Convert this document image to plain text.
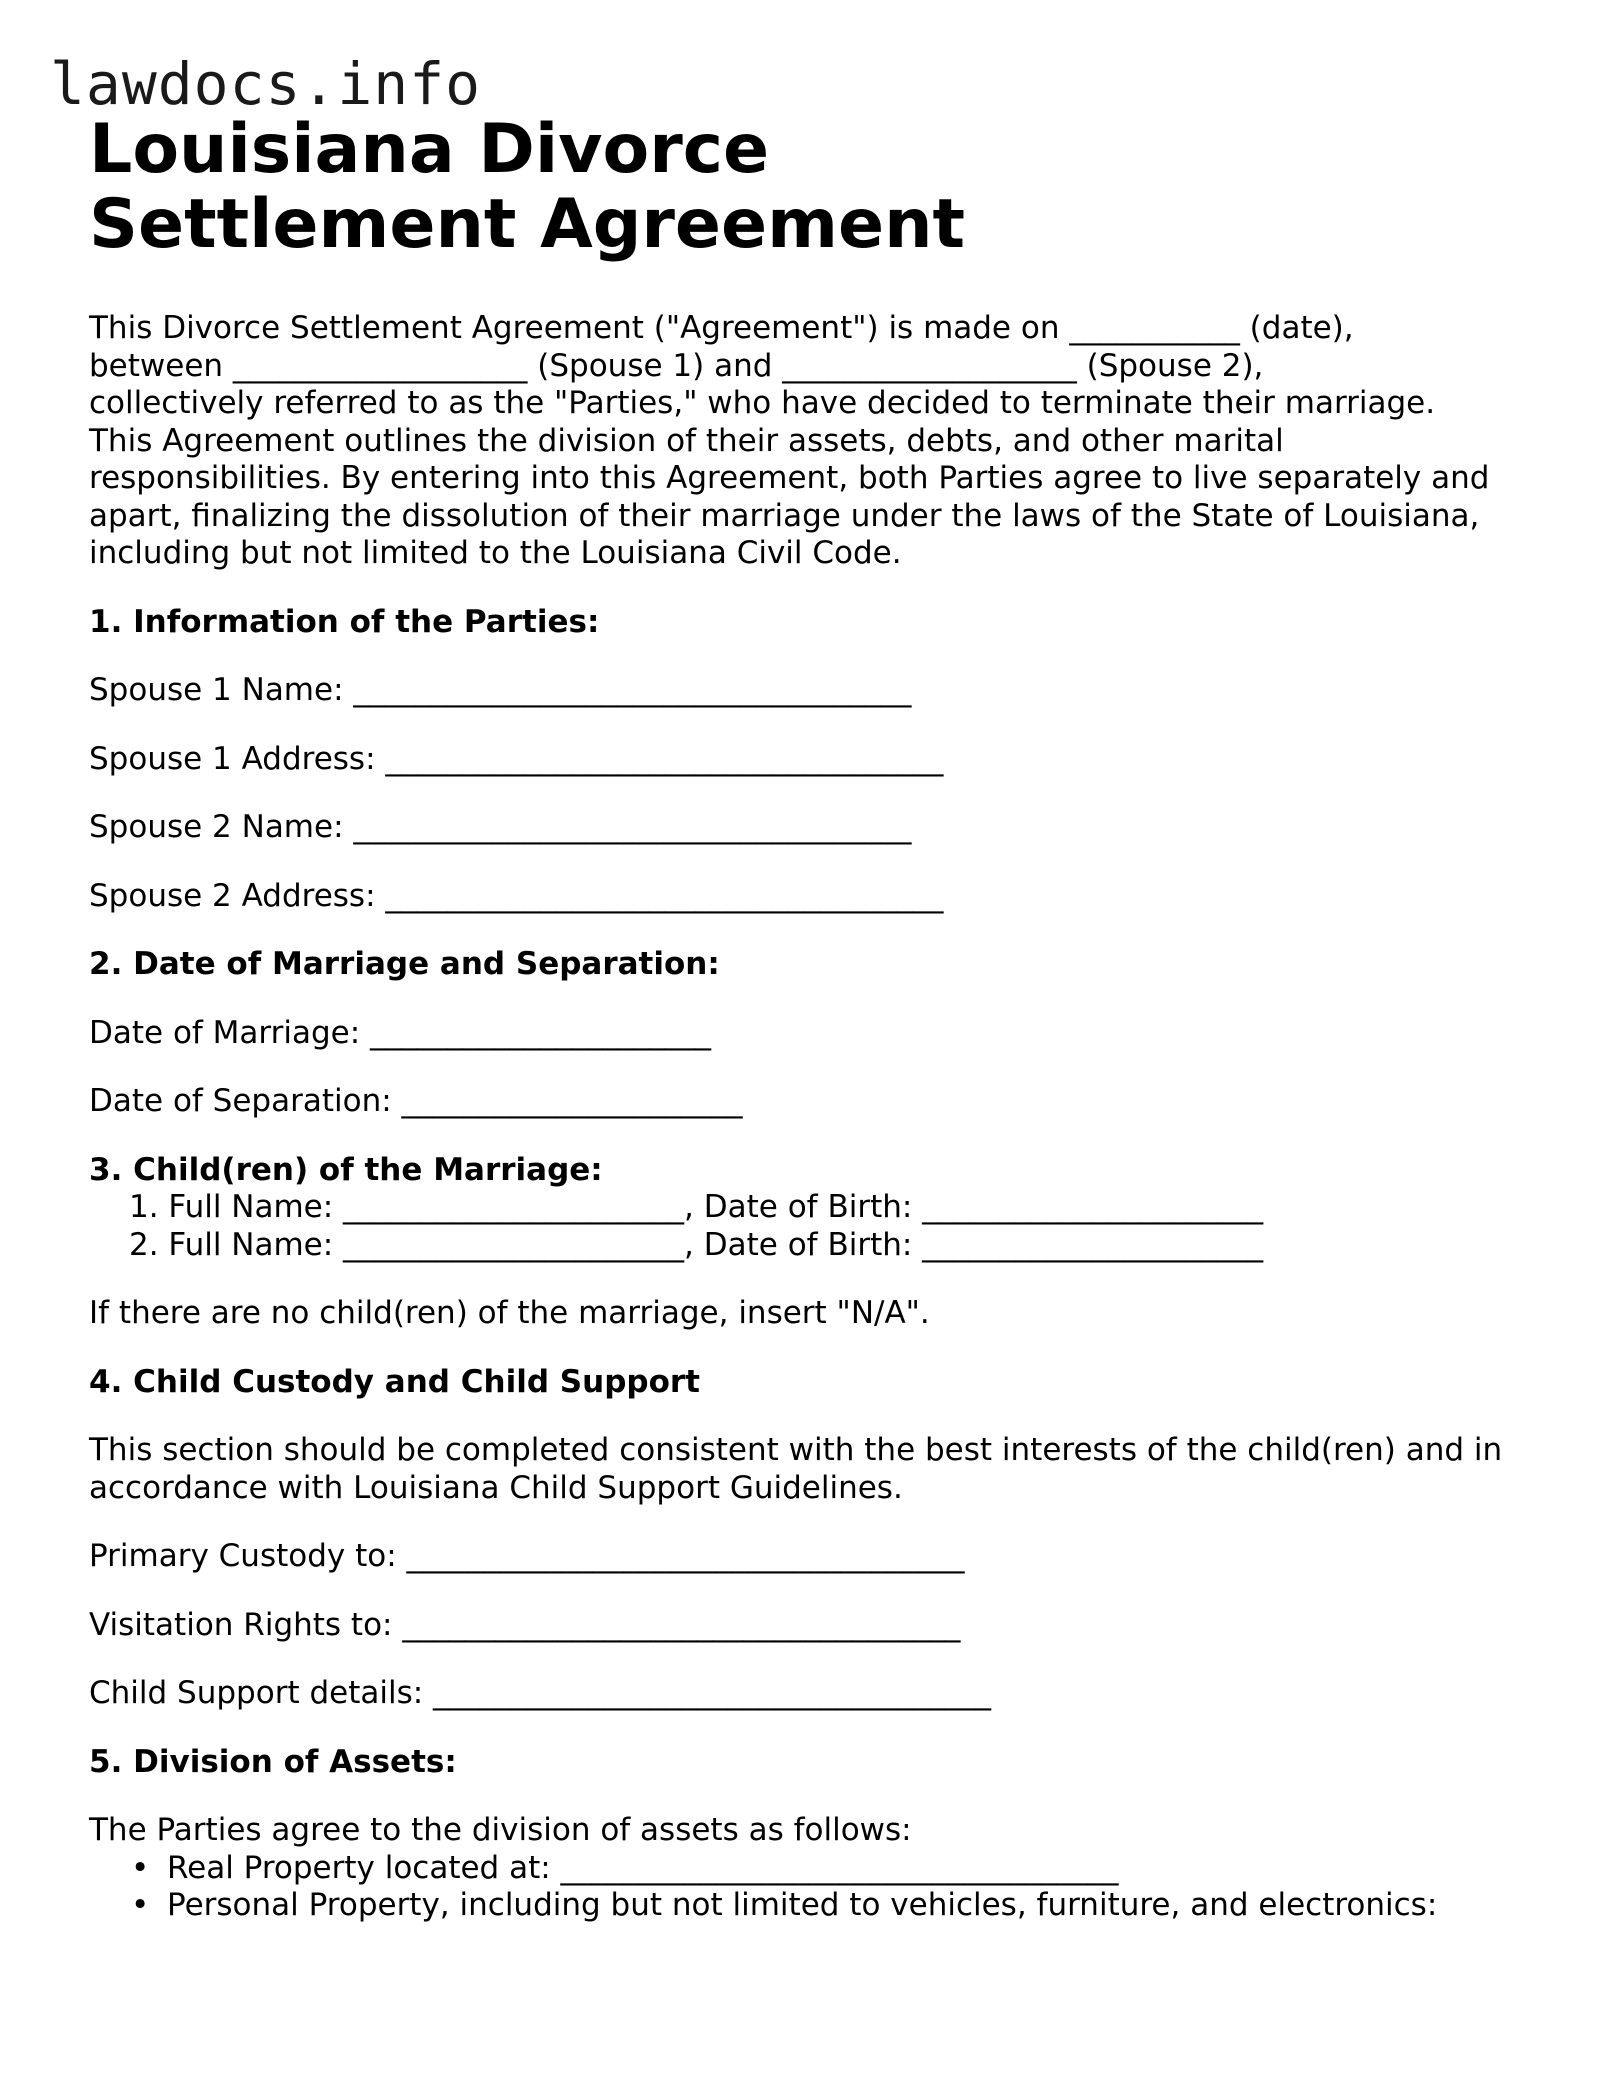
lawdocs.info
Louisiana Divorce Settlement Agreement
This Divorce Settlement Agreement ("Agreement") is made on ___________ (date),
between ___________________ (Spouse 1) and ___________________ (Spouse 2),
collectively referred to as the "Parties," who have decided to terminate their marriage.
This Agreement outlines the division of their assets, debts, and other marital
responsibilities. By entering into this Agreement, both Parties agree to live separately and
apart, finalizing the dissolution of their marriage under the laws of the State of Louisiana,
including but not limited to the Louisiana Civil Code.

1. Information of the Parties:

Spouse 1 Name: ____________________________________

Spouse 1 Address: ____________________________________

Spouse 2 Name: ____________________________________

Spouse 2 Address: ____________________________________

2. Date of Marriage and Separation:

Date of Marriage: ______________________

Date of Separation: ______________________

3. Child(ren) of the Marriage:

1. Full Name: ______________________, Date of Birth: ______________________
2. Full Name: ______________________, Date of Birth: ______________________

If there are no child(ren) of the marriage, insert "N/A".

4. Child Custody and Child Support

This section should be completed consistent with the best interests of the child(ren) and in
accordance with Louisiana Child Support Guidelines.

Primary Custody to: ____________________________________

Visitation Rights to: ____________________________________

Child Support details: ____________________________________

5. Division of Assets:

The Parties agree to the division of assets as follows:

• Real Property located at: ____________________________________
• Personal Property, including but not limited to vehicles, furniture, and electronics:
